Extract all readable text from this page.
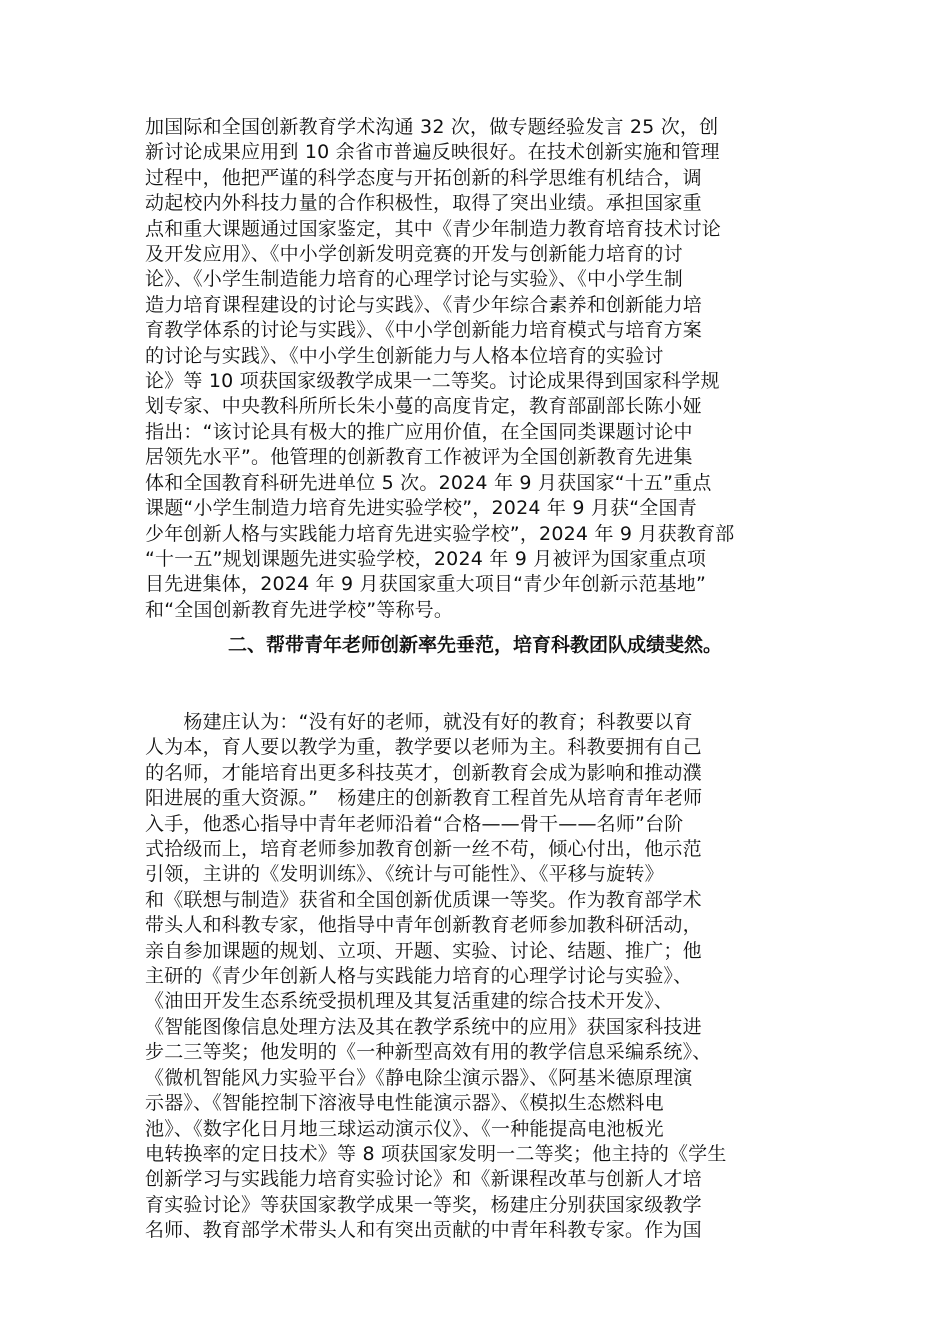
加国际和全国创新教育学术沟通 32 次，做专题经验发言 25 次，创
新讨论成果应用到 10 余省市普遍反映很好。在技术创新实施和管理
过程中，他把严谨的科学态度与开拓创新的科学思维有机结合，调
动起校内外科技力量的合作积极性，取得了突出业绩。承担国家重
点和重大课题通过国家鉴定，其中《青少年制造力教育培育技术讨论
及开发应用》、《中小学创新发明竞赛的开发与创新能力培育的讨
论》、《小学生制造能力培育的心理学讨论与实验》、《中小学生制
造力培育课程建设的讨论与实践》、《青少年综合素养和创新能力培
育教学体系的讨论与实践》、《中小学创新能力培育模式与培育方案
的讨论与实践》、《中小学生创新能力与人格本位培育的实验讨
论》等 10 项获国家级教学成果一二等奖。讨论成果得到国家科学规
划专家、中央教科所所长朱小蔓的高度肯定，教育部副部长陈小娅
指出：“该讨论具有极大的推广应用价值，在全国同类课题讨论中
居领先水平”。他管理的创新教育工作被评为全国创新教育先进集
体和全国教育科研先进单位 5 次。2024 年 9 月获国家“十五”重点
课题“小学生制造力培育先进实验学校”，2024 年 9 月获“全国青
少年创新人格与实践能力培育先进实验学校”，2024 年 9 月获教育部
“十一五”规划课题先进实验学校，2024 年 9 月被评为国家重点项
目先进集体，2024 年 9 月获国家重大项目“青少年创新示范基地”
和“全国创新教育先进学校”等称号。
二、帮带青年老师创新率先垂范，培育科教团队成绩斐然。
　　杨建庄认为：“没有好的老师，就没有好的教育；科教要以育
人为本，育人要以教学为重，教学要以老师为主。科教要拥有自己
的名师，才能培育出更多科技英才，创新教育会成为影响和推动濮
阳进展的重大资源。”　杨建庄的创新教育工程首先从培育青年老师
入手，他悉心指导中青年老师沿着“合格——骨干——名师”台阶
式拾级而上，培育老师参加教育创新一丝不苟，倾心付出，他示范
引领，主讲的《发明训练》、《统计与可能性》、《平移与旋转》
和《联想与制造》获省和全国创新优质课一等奖。作为教育部学术
带头人和科教专家，他指导中青年创新教育老师参加教科研活动，
亲自参加课题的规划、立项、开题、实验、讨论、结题、推广；他
主研的《青少年创新人格与实践能力培育的心理学讨论与实验》、
《油田开发生态系统受损机理及其复活重建的综合技术开发》、
《智能图像信息处理方法及其在教学系统中的应用》获国家科技进
步二三等奖；他发明的《一种新型高效有用的教学信息采编系统》、
《微机智能风力实验平台》《静电除尘演示器》、《阿基米德原理演
示器》、《智能控制下溶液导电性能演示器》、《模拟生态燃料电
池》、《数字化日月地三球运动演示仪》、《一种能提高电池板光
电转换率的定日技术》等 8 项获国家发明一二等奖；他主持的《学生
创新学习与实践能力培育实验讨论》和《新课程改革与创新人才培
育实验讨论》等获国家教学成果一等奖，杨建庄分别获国家级教学
名师、教育部学术带头人和有突出贡献的中青年科教专家。作为国
